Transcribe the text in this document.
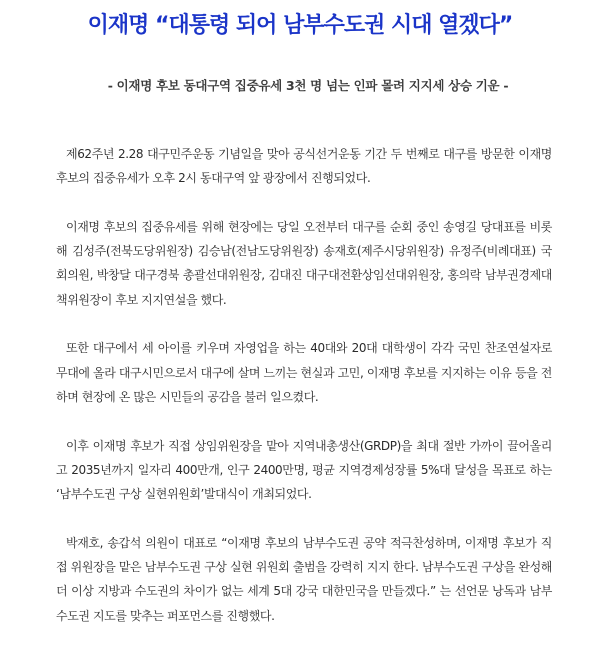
이재명 “대통령 되어 남부수도권 시대 열겠다”
- 이재명 후보 동대구역 집중유세 3천 명 넘는 인파 몰려 지지세 상승 기운 -

제62주년 2.28 대구민주운동 기념일을 맞아 공식선거운동 기간 두 번째로 대구를 방문한 이재명 후보의 집중유세가 오후 2시 동대구역 앞 광장에서 진행되었다.

이재명 후보의 집중유세를 위해 현장에는 당일 오전부터 대구를 순회 중인 송영길 당대표를 비롯해 김성주(전북도당위원장) 김승남(전남도당위원장) 송재호(제주시당위원장) 유정주(비례대표) 국회의원, 박창달 대구경북 총괄선대위원장, 김대진 대구대전환상임선대위원장, 홍의락 남부권경제대책위원장이 후보 지지연설을 했다.

또한 대구에서 세 아이를 키우며 자영업을 하는 40대와 20대 대학생이 각각 국민 찬조연설자로 무대에 올라 대구시민으로서 대구에 살며 느끼는 현실과 고민, 이재명 후보를 지지하는 이유 등을 전하며 현장에 온 많은 시민들의 공감을 불러 일으켰다.

이후 이재명 후보가 직접 상임위원장을 맡아 지역내총생산(GRDP)을 최대 절반 가까이 끌어올리고 2035년까지 일자리 400만개, 인구 2400만명, 평균 지역경제성장률 5%대 달성을 목표로 하는 ‘남부수도권 구상 실현위원회’발대식이 개최되었다.

박재호, 송갑석 의원이 대표로 “이재명 후보의 남부수도권 공약 적극찬성하며, 이재명 후보가 직접 위원장을 맡은 남부수도권 구상 실현 위원회 출범을 강력히 지지 한다. 남부수도권 구상을 완성해 더 이상 지방과 수도권의 차이가 없는 세계 5대 강국 대한민국을 만들겠다.” 는 선언문 낭독과 남부 수도권 지도를 맞추는 퍼포먼스를 진행했다.
